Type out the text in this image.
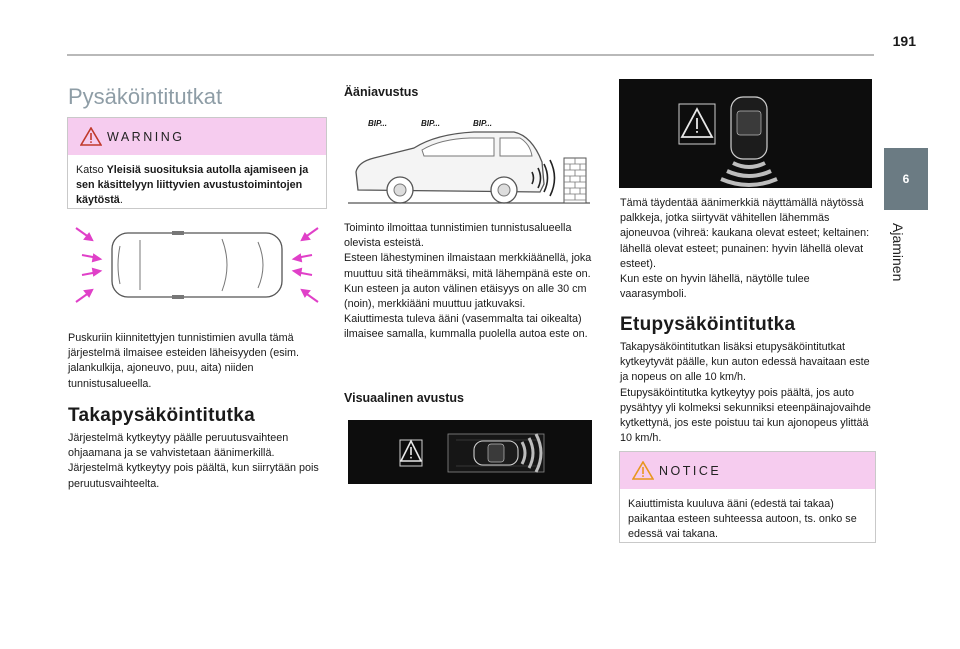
191
6
Ajaminen
Pysäköintitutkat
WARNING
Katso Yleisiä suosituksia autolla ajamiseen ja sen käsittelyyn liittyvien avustustoimintojen käytöstä.
Puskuriin kiinnitettyjen tunnistimien avulla tämä järjestelmä ilmaisee esteiden läheisyyden (esim. jalankulkija, ajoneuvo, puu, aita) niiden tunnistusalueella.
Takapysäköintitutka
Järjestelmä kytkeytyy päälle peruutusvaihteen ohjaamana ja se vahvistetaan äänimerkillä.
Järjestelmä kytkeytyy pois päältä, kun siirrytään pois peruutusvaihteelta.
Ääniavustus
BIP...	BIP...	BIP...
Toiminto ilmoittaa tunnistimien tunnistusalueella olevista esteistä.
Esteen lähestyminen ilmaistaan merkkiäänellä, joka muuttuu sitä tiheämmäksi, mitä lähempänä este on.
Kun esteen ja auton välinen etäisyys on alle 30 cm (noin), merkkiääni muuttuu jatkuvaksi.
Kaiuttimesta tuleva ääni (vasemmalta tai oikealta) ilmaisee samalla, kummalla puolella autoa este on.
Visuaalinen avustus
Tämä täydentää äänimerkkiä näyttämällä näytössä palkkeja, jotka siirtyvät vähitellen lähemmäs ajoneuvoa (vihreä: kaukana olevat esteet; keltainen: lähellä olevat esteet; punainen: hyvin lähellä olevat esteet).
Kun este on hyvin lähellä, näytölle tulee vaarasymboli.
Etupysäköintitutka
Takapysäköintitutkan lisäksi etupysäköintitutkat kytkeytyvät päälle, kun auton edessä havaitaan este ja nopeus on alle 10 km/h.
Etupysäköintitutka kytkeytyy pois päältä, jos auto pysähtyy yli kolmeksi sekunniksi eteenpäinajovaihde kytkettynä, jos este poistuu tai kun ajonopeus ylittää 10 km/h.
NOTICE
Kaiuttimista kuuluva ääni (edestä tai takaa) paikantaa esteen suhteessa autoon, ts. onko se edessä vai takana.
